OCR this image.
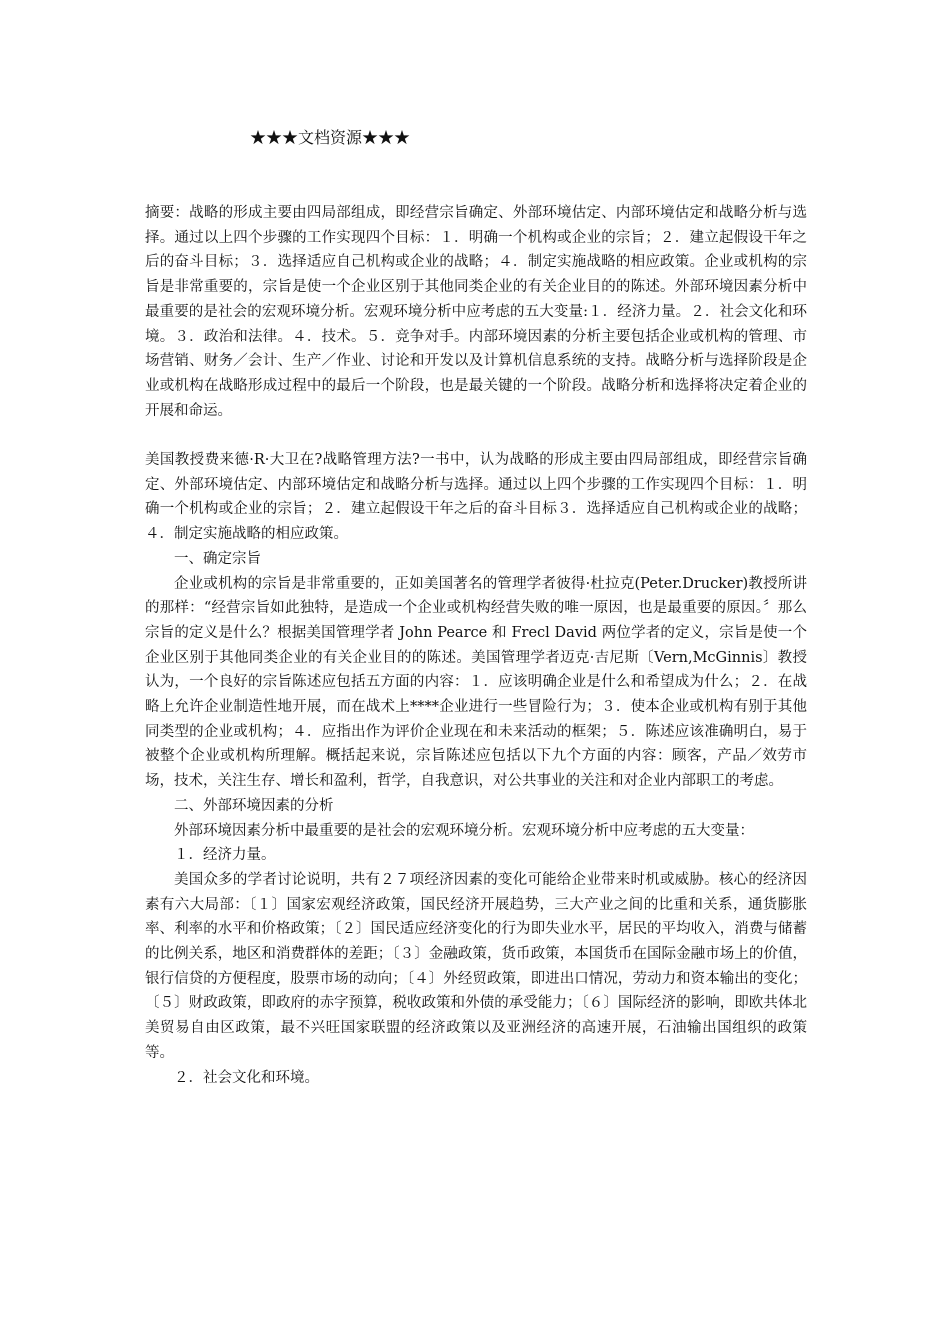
★★★文档资源★★★

摘要：战略的形成主要由四局部组成，即经营宗旨确定、外部环境估定、内部环境估定和战略分析与选择。通过以上四个步骤的工作实现四个目标：１．明确一个机构或企业的宗旨；２．建立起假设干年之后的奋斗目标；３．选择适应自己机构或企业的战略；４．制定实施战略的相应政策。企业或机构的宗旨是非常重要的，宗旨是使一个企业区别于其他同类企业的有关企业目的的陈述。外部环境因素分析中最重要的是社会的宏观环境分析。宏观环境分析中应考虑的五大变量:１．经济力量。２．社会文化和环境。３．政治和法律。４．技术。５．竞争对手。内部环境因素的分析主要包括企业或机构的管理、市场营销、财务／会计、生产／作业、讨论和开发以及计算机信息系统的支持。战略分析与选择阶段是企业或机构在战略形成过程中的最后一个阶段，也是最关键的一个阶段。战略分析和选择将决定着企业的开展和命运。

美国教授费来德·R·大卫在?战略管理方法?一书中，认为战略的形成主要由四局部组成，即经营宗旨确定、外部环境估定、内部环境估定和战略分析与选择。通过以上四个步骤的工作实现四个目标：１．明确一个机构或企业的宗旨；２．建立起假设干年之后的奋斗目标３．选择适应自己机构或企业的战略；４．制定实施战略的相应政策。

一、确定宗旨

企业或机构的宗旨是非常重要的，正如美国著名的管理学者彼得·杜拉克(Peter.Drucker)教授所讲的那样：“经营宗旨如此独特，是造成一个企业或机构经营失败的唯一原因，也是最重要的原因。〞那么宗旨的定义是什么？根据美国管理学者 John Pearce 和 Frecl David 两位学者的定义，宗旨是使一个企业区别于其他同类企业的有关企业目的的陈述。美国管理学者迈克·吉尼斯〔Vern,McGinnis〕教授认为，一个良好的宗旨陈述应包括五方面的内容：１．应该明确企业是什么和希望成为什么；２．在战略上允许企业制造性地开展，而在战术上****企业进行一些冒险行为；３．使本企业或机构有别于其他同类型的企业或机构；４．应指出作为评价企业现在和未来活动的框架；５．陈述应该准确明白，易于被整个企业或机构所理解。概括起来说，宗旨陈述应包括以下九个方面的内容：顾客，产品／效劳市场，技术，关注生存、增长和盈利，哲学，自我意识，对公共事业的关注和对企业内部职工的考虑。

二、外部环境因素的分析

外部环境因素分析中最重要的是社会的宏观环境分析。宏观环境分析中应考虑的五大变量：

１．经济力量。

美国众多的学者讨论说明，共有２７项经济因素的变化可能给企业带来时机或威胁。核心的经济因素有六大局部：〔１〕国家宏观经济政策，国民经济开展趋势，三大产业之间的比重和关系，通货膨胀率、利率的水平和价格政策；〔２〕国民适应经济变化的行为即失业水平，居民的平均收入，消费与储蓄的比例关系，地区和消费群体的差距；〔３〕金融政策，货币政策，本国货币在国际金融市场上的价值，银行信贷的方便程度，股票市场的动向；〔４〕外经贸政策，即进出口情况，劳动力和资本输出的变化；〔５〕财政政策，即政府的赤字预算，税收政策和外债的承受能力；〔６〕国际经济的影响，即欧共体北美贸易自由区政策，最不兴旺国家联盟的经济政策以及亚洲经济的高速开展，石油输出国组织的政策等。

２．社会文化和环境。
